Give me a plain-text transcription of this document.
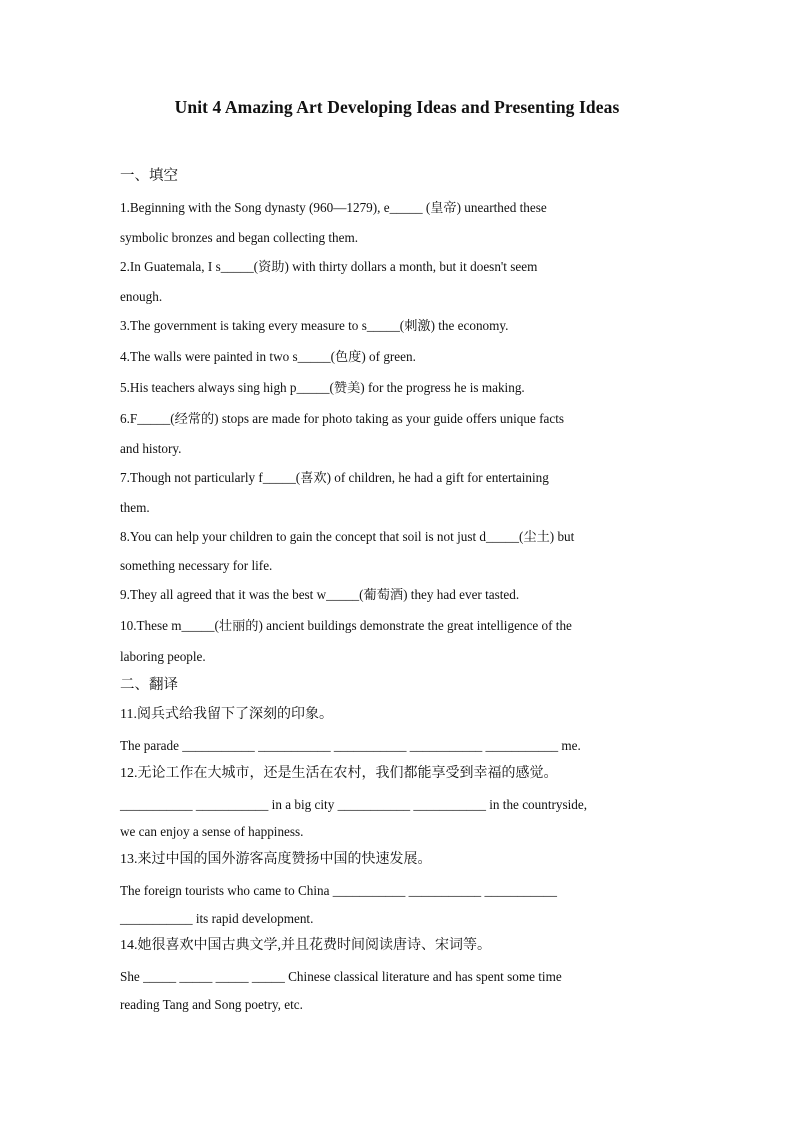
Unit 4 Amazing Art Developing Ideas and Presenting Ideas
一、填空
1.Beginning with the Song dynasty (960—1279), e_____ (皇帝) unearthed these
symbolic bronzes and began collecting them.
2.In Guatemala, I s_____(资助) with thirty dollars a month, but it doesn't seem
enough.
3.The government is taking every measure to s_____(刺激) the economy.
4.The walls were painted in two s_____(色度) of green.
5.His teachers always sing high p_____(赞美) for the progress he is making.
6.F_____(经常的) stops are made for photo taking as your guide offers unique facts
and history.
7.Though not particularly f_____(喜欢) of children, he had a gift for entertaining
them.
8.You can help your children to gain the concept that soil is not just d_____(尘土) but
something necessary for life.
9.They all agreed that it was the best w_____(葡萄酒) they had ever tasted.
10.These m_____(壮丽的) ancient buildings demonstrate the great intelligence of the
laboring people.
二、翻译
11.阅兵式给我留下了深刻的印象。
The parade ___________ ___________ ___________ ___________ ___________ me.
12.无论工作在大城市，还是生活在农村，我们都能享受到幸福的感觉。
___________ ___________ in a big city ___________ ___________ in the countryside,
we can enjoy a sense of happiness.
13.来过中国的国外游客高度赞扬中国的快速发展。
The foreign tourists who came to China ___________ ___________ ___________
___________ its rapid development.
14.她很喜欢中国古典文学,并且花费时间阅读唐诗、宋词等。
She _____ _____ _____ _____ Chinese classical literature and has spent some time
reading Tang and Song poetry, etc.
